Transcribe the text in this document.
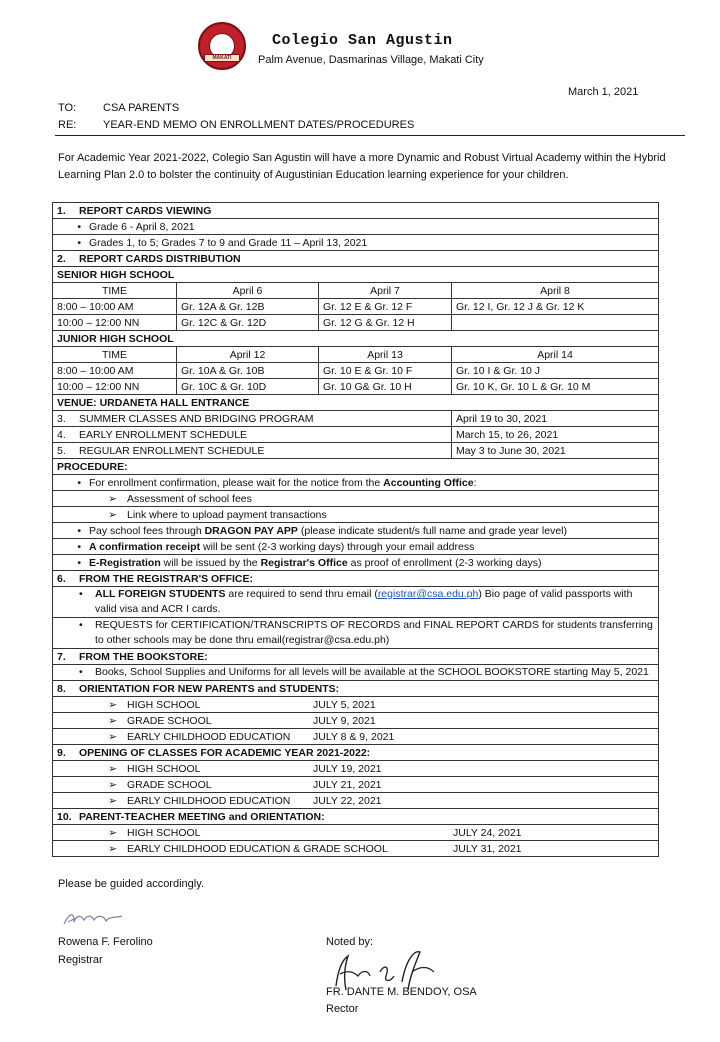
MAKATI
Colegio San Agustin
Palm Avenue, Dasmarinas Village, Makati City
March 1, 2021
TO: CSA PARENTS
RE: YEAR-END MEMO ON ENROLLMENT DATES/PROCEDURES
For Academic Year 2021-2022, Colegio San Agustin will have a more Dynamic and Robust Virtual Academy within the Hybrid Learning Plan 2.0 to bolster the continuity of Augustinian Education learning experience for your children.
1. REPORT CARDS VIEWING			
• Grade 6 - April 8, 2021			
• Grades 1, to 5; Grades 7 to 9 and Grade 11 – April 13, 2021			
2. REPORT CARDS DISTRIBUTION			
SENIOR HIGH SCHOOL			
TIME	April 6	April 7	April 8
8:00 – 10:00 AM	Gr. 12A & Gr. 12B	Gr. 12 E & Gr. 12 F	Gr. 12 I, Gr. 12 J & Gr. 12 K
10:00 – 12:00 NN	Gr. 12C & Gr. 12D	Gr. 12 G & Gr. 12 H	
JUNIOR HIGH SCHOOL			
TIME	April 12	April 13	April 14
8:00 – 10:00 AM	Gr. 10A & Gr. 10B	Gr. 10 E & Gr. 10 F	Gr. 10 I & Gr. 10 J
10:00 – 12:00 NN	Gr. 10C & Gr. 10D	Gr. 10 G& Gr. 10 H	Gr. 10 K, Gr. 10 L & Gr. 10 M
VENUE: URDANETA HALL ENTRANCE			
3. SUMMER CLASSES AND BRIDGING PROGRAM			April 19 to 30, 2021
4. EARLY ENROLLMENT SCHEDULE			March 15, to 26, 2021
5. REGULAR ENROLLMENT SCHEDULE			May 3 to June 30, 2021
PROCEDURE:			
• For enrollment confirmation, please wait for the notice from the Accounting Office:			
➢ Assessment of school fees			
➢ Link where to upload payment transactions			
• Pay school fees through DRAGON PAY APP (please indicate student/s full name and grade year level)			
• A confirmation receipt will be sent (2-3 working days) through your email address			
• E-Registration will be issued by the Registrar's Office as proof of enrollment (2-3 working days)			
6. FROM THE REGISTRAR'S OFFICE:			
• ALL FOREIGN STUDENTS are required to send thru email (registrar@csa.edu.ph) Bio page of valid passports with valid visa and ACR I cards.			
• REQUESTS for CERTIFICATION/TRANSCRIPTS OF RECORDS and FINAL REPORT CARDS for students transferring to other schools may be done thru email(registrar@csa.edu.ph)			
7. FROM THE BOOKSTORE:			
• Books, School Supplies and Uniforms for all levels will be available at the SCHOOL BOOKSTORE starting May 5, 2021			
8. ORIENTATION FOR NEW PARENTS and STUDENTS:			
➢ HIGH SCHOOL JULY 5, 2021			
➢ GRADE SCHOOL JULY 9, 2021			
➢ EARLY CHILDHOOD EDUCATION JULY 8 & 9, 2021			
9. OPENING OF CLASSES FOR ACADEMIC YEAR 2021-2022:			
➢ HIGH SCHOOL JULY 19, 2021			
➢ GRADE SCHOOL JULY 21, 2021			
➢ EARLY CHILDHOOD EDUCATION JULY 22, 2021			
10. PARENT-TEACHER MEETING and ORIENTATION:			
➢ HIGH SCHOOL JULY 24, 2021			
➢ EARLY CHILDHOOD EDUCATION & GRADE SCHOOL JULY 31, 2021			
Please be guided accordingly.
Rowena F. Ferolino
Registrar
Noted by:
FR. DANTE M. BENDOY, OSA
Rector
